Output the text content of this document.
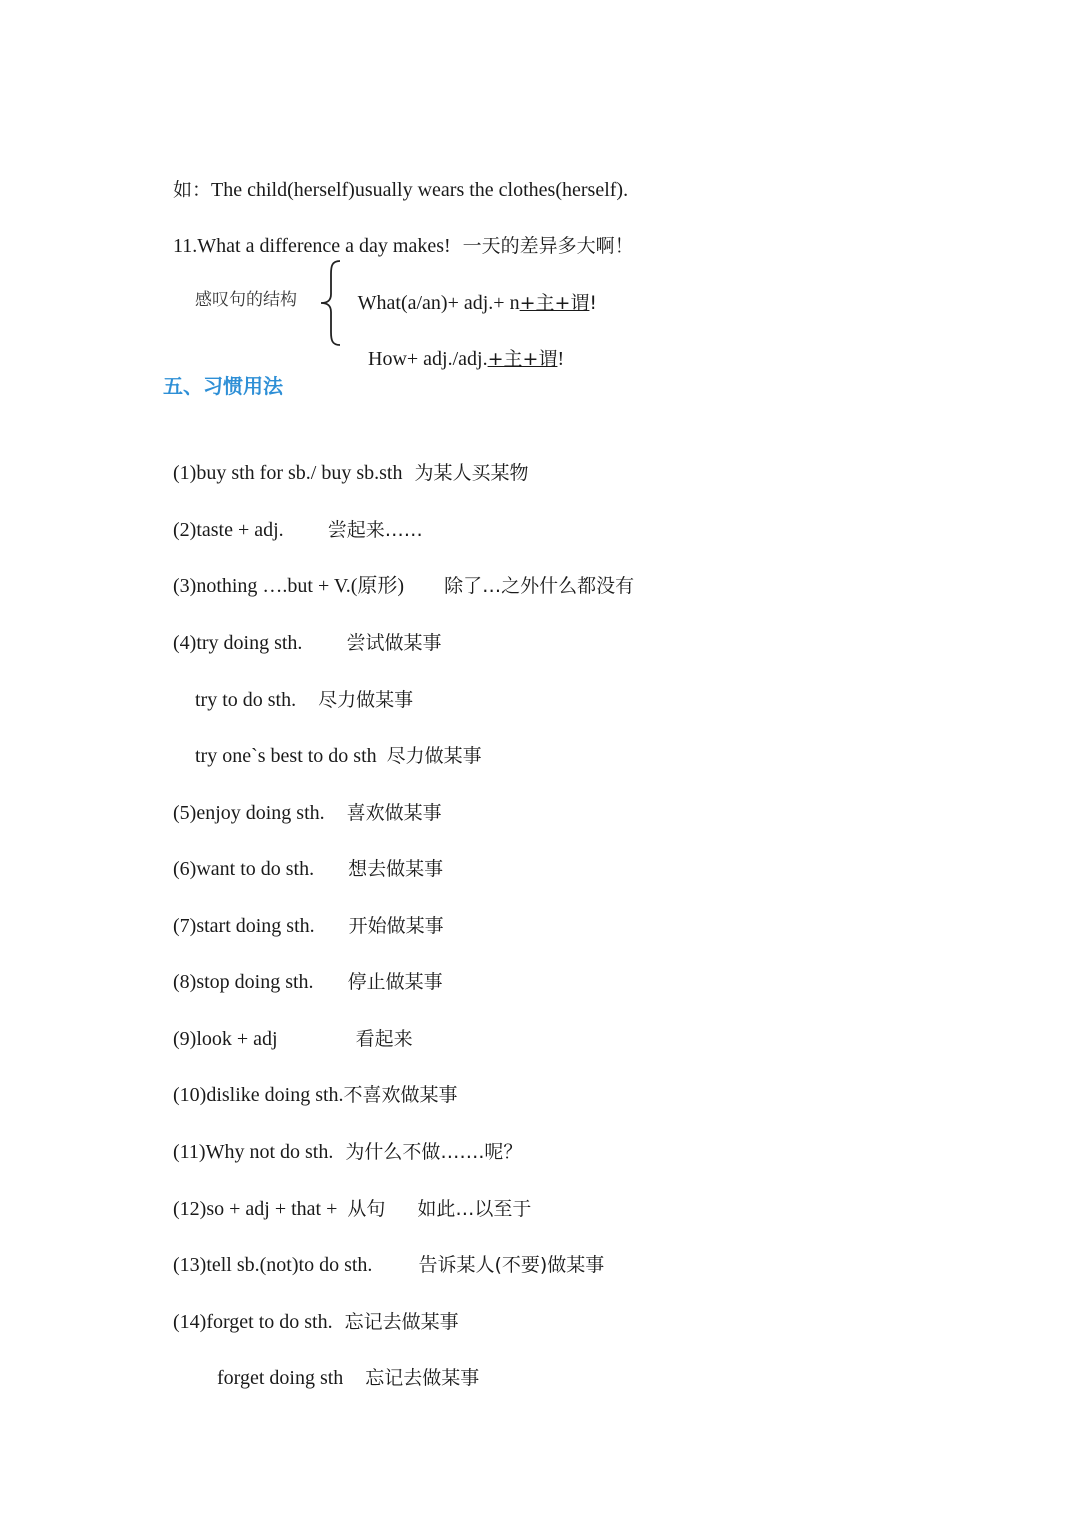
如：The child(herself)usually wears the clothes(herself).

11.What a difference a day makes! 一天的差异多大啊！

感叹句的结构	What(a/an)+ adj.+ n+主+谓!

How+ adj./adj.+主+谓!

五、习惯用法

(1)buy sth for sb./ buy sb.sth 为某人买某物

(2)taste + adj. 尝起来……

(3)nothing ….but + V.(原形) 除了…之外什么都没有

(4)try doing sth. 尝试做某事

try to do sth. 尽力做某事

try one`s best to do sth 尽力做某事

(5)enjoy doing sth. 喜欢做某事

(6)want to do sth. 想去做某事

(7)start doing sth. 开始做某事

(8)stop doing sth. 停止做某事

(9)look + adj	看起来

(10)dislike doing sth.不喜欢做某事

(11)Why not do sth. 为什么不做…….呢？

(12)so + adj + that + 从句 如此…以至于

(13)tell sb.(not)to do sth. 告诉某人(不要)做某事

(14)forget to do sth. 忘记去做某事

forget doing sth 忘记去做某事
